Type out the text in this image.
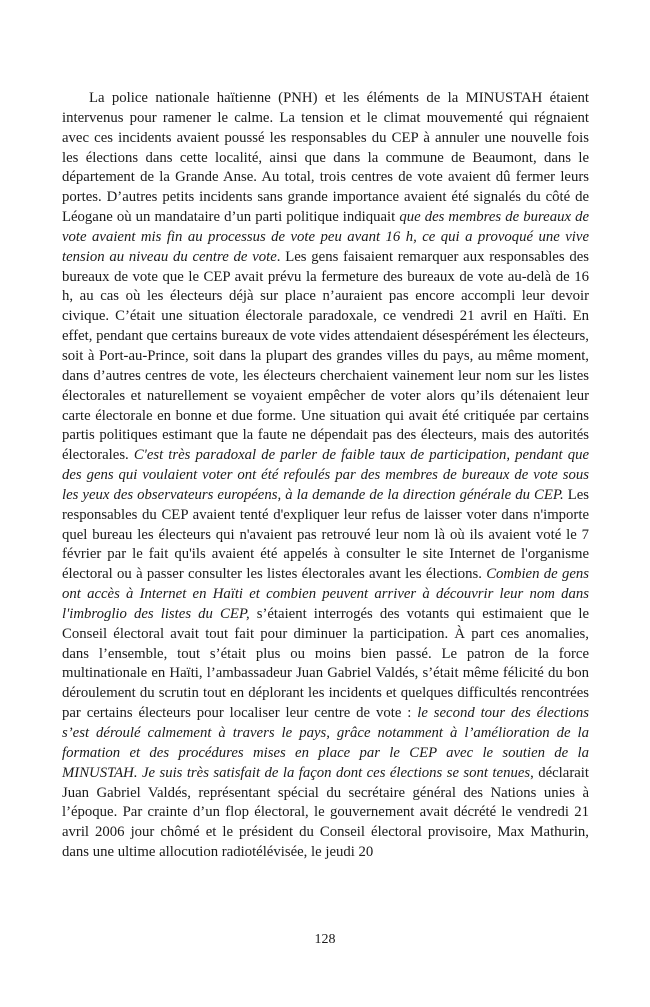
La police nationale haïtienne (PNH) et les éléments de la MINUSTAH étaient intervenus pour ramener le calme. La tension et le climat mouvementé qui régnaient avec ces incidents avaient poussé les responsables du CEP à annuler une nouvelle fois les élections dans cette localité, ainsi que dans la commune de Beaumont, dans le département de la Grande Anse. Au total, trois centres de vote avaient dû fermer leurs portes. D’autres petits incidents sans grande importance avaient été signalés du côté de Léogane où un mandataire d’un parti politique indiquait que des membres de bureaux de vote avaient mis fin au processus de vote peu avant 16 h, ce qui a provoqué une vive tension au niveau du centre de vote. Les gens faisaient remarquer aux responsables des bureaux de vote que le CEP avait prévu la fermeture des bureaux de vote au-delà de 16 h, au cas où les électeurs déjà sur place n’auraient pas encore accompli leur devoir civique. C’était une situation électorale paradoxale, ce vendredi 21 avril en Haïti. En effet, pendant que certains bureaux de vote vides attendaient désespérément les électeurs, soit à Port-au-Prince, soit dans la plupart des grandes villes du pays, au même moment, dans d’autres centres de vote, les électeurs cherchaient vainement leur nom sur les listes électorales et naturellement se voyaient empêcher de voter alors qu’ils détenaient leur carte électorale en bonne et due forme. Une situation qui avait été critiquée par certains partis politiques estimant que la faute ne dépendait pas des électeurs, mais des autorités électorales. C'est très paradoxal de parler de faible taux de participation, pendant que des gens qui voulaient voter ont été refoulés par des membres de bureaux de vote sous les yeux des observateurs européens, à la demande de la direction générale du CEP. Les responsables du CEP avaient tenté d'expliquer leur refus de laisser voter dans n'importe quel bureau les électeurs qui n'avaient pas retrouvé leur nom là où ils avaient voté le 7 février par le fait qu'ils avaient été appelés à consulter le site Internet de l'organisme électoral ou à passer consulter les listes électorales avant les élections. Combien de gens ont accès à Internet en Haïti et combien peuvent arriver à découvrir leur nom dans l'imbroglio des listes du CEP, s’étaient interrogés des votants qui estimaient que le Conseil électoral avait tout fait pour diminuer la participation. À part ces anomalies, dans l’ensemble, tout s’était plus ou moins bien passé. Le patron de la force multinationale en Haïti, l’ambassadeur Juan Gabriel Valdés, s’était même félicité du bon déroulement du scrutin tout en déplorant les incidents et quelques difficultés rencontrées par certains électeurs pour localiser leur centre de vote : le second tour des élections s’est déroulé calmement à travers le pays, grâce notamment à l’amélioration de la formation et des procédures mises en place par le CEP avec le soutien de la MINUSTAH. Je suis très satisfait de la façon dont ces élections se sont tenues, déclarait Juan Gabriel Valdés, représentant spécial du secrétaire général des Nations unies à l’époque. Par crainte d’un flop électoral, le gouvernement avait décrété le vendredi 21 avril 2006 jour chômé et le président du Conseil électoral provisoire, Max Mathurin, dans une ultime allocution radiotélévisée, le jeudi 20

128
